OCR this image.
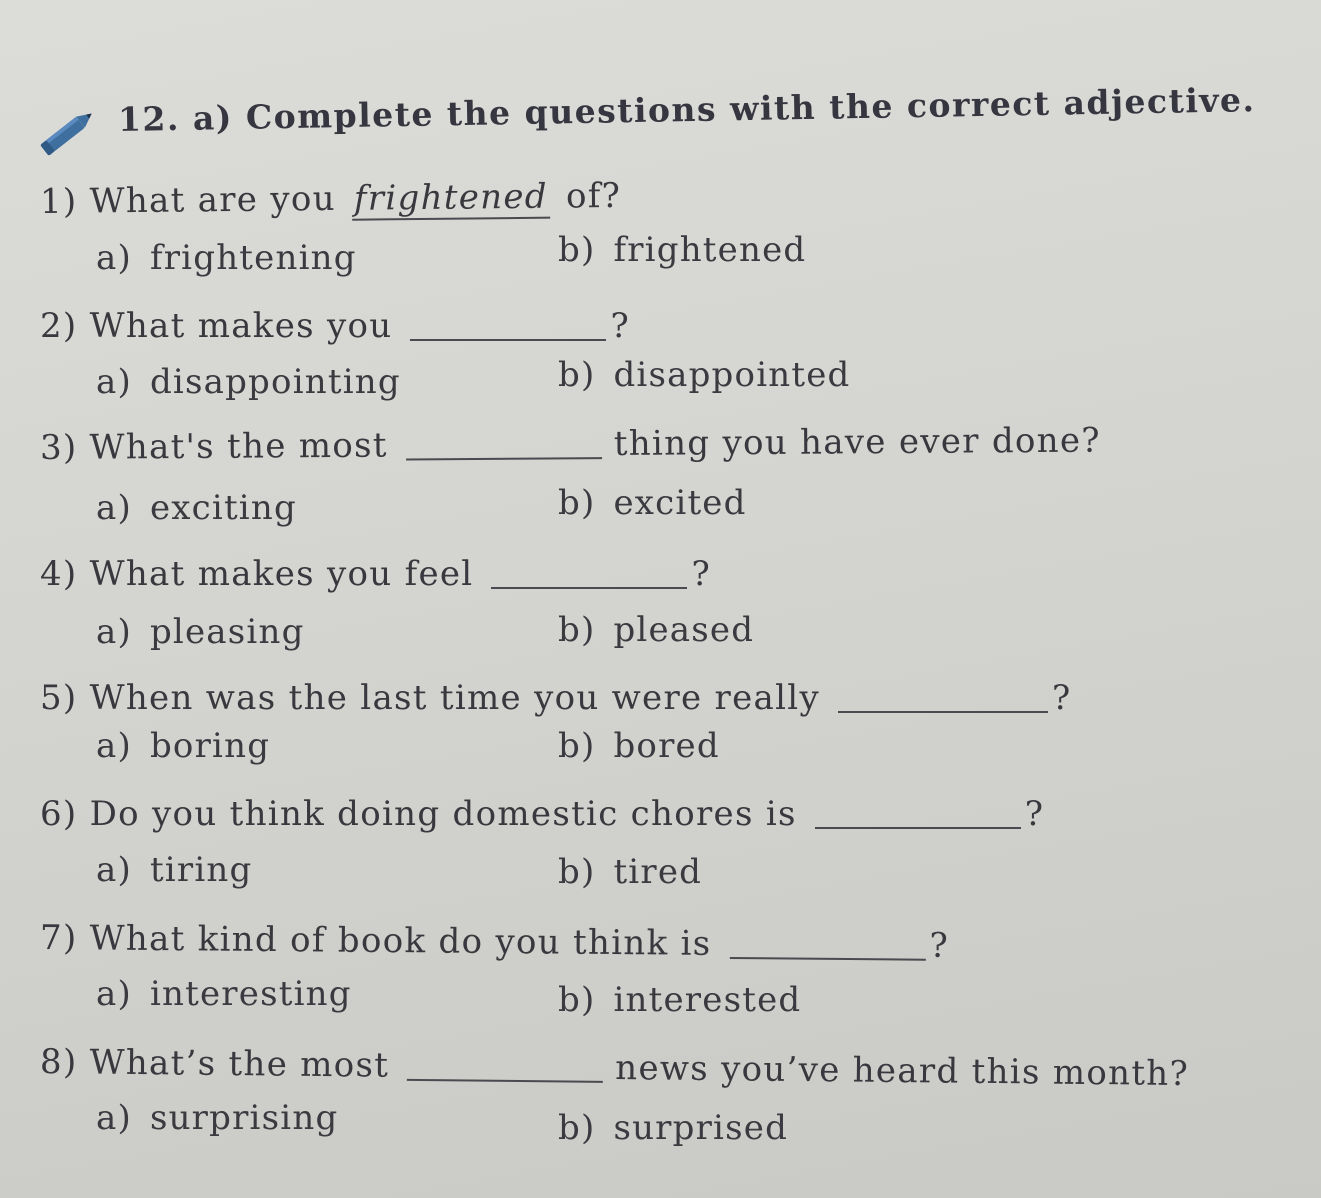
12. a) Complete the questions with the correct adjective.
1) What are you frightened of?
a) frightening	b) frightened
2) What makes you	?
a) disappointing	b) disappointed
3) What's the most	thing you have ever done?
a) exciting	b) excited
4) What makes you feel	?
a) pleasing	b) pleased
5) When was the last time you were really	?
a) boring	b) bored
6) Do you think doing domestic chores is	?
a) tiring	b) tired
7) What kind of book do you think is	?
a) interesting	b) interested
8) What’s the most	news you’ve heard this month?
a) surprising	b) surprised
